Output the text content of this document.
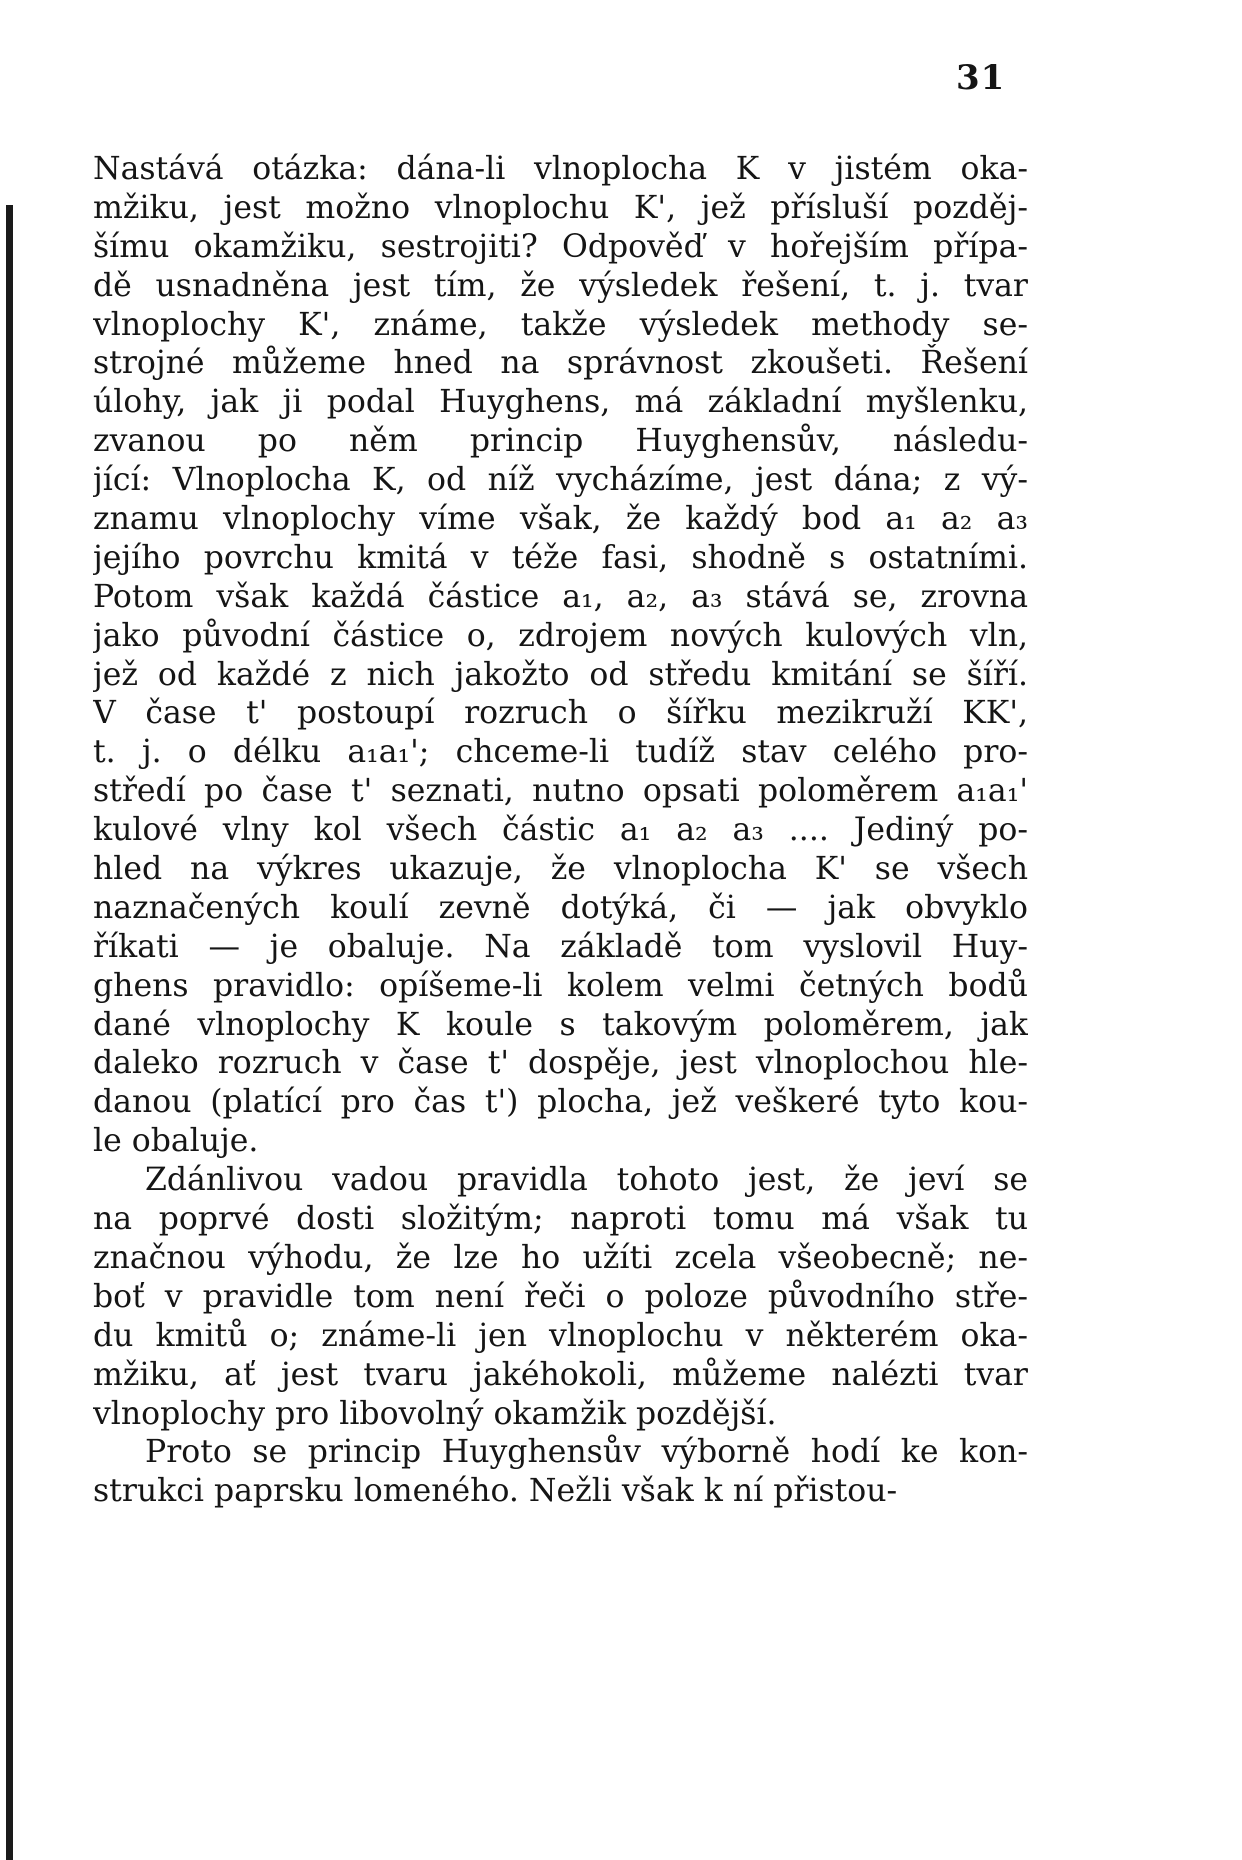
31

Nastává otázka: dána-li vlnoplocha K v jistém oka-
mžiku, jest možno vlnoplochu K', jež přísluší pozděj-
šímu okamžiku, sestrojiti? Odpověď v hořejším přípa-
dě usnadněna jest tím, že výsledek řešení, t. j. tvar
vlnoplochy K', známe, takže výsledek methody se-
strojné můžeme hned na správnost zkoušeti. Řešení
úlohy, jak ji podal Huyghens, má základní myšlenku,
zvanou po něm princip Huyghensův, následu-
jící: Vlnoplocha K, od níž vycházíme, jest dána; z vý-
znamu vlnoplochy víme však, že každý bod a₁ a₂ a₃
jejího povrchu kmitá v téže fasi, shodně s ostatními.
Potom však každá částice a₁, a₂, a₃ stává se, zrovna
jako původní částice o, zdrojem nových kulových vln,
jež od každé z nich jakožto od středu kmitání se šíří.
V čase t' postoupí rozruch o šířku mezikruží KK',
t. j. o délku a₁a₁'; chceme-li tudíž stav celého pro-
středí po čase t' seznati, nutno opsati poloměrem a₁a₁'
kulové vlny kol všech částic a₁ a₂ a₃ .... Jediný po-
hled na výkres ukazuje, že vlnoplocha K' se všech
naznačených koulí zevně dotýká, či — jak obvyklo
říkati — je obaluje. Na základě tom vyslovil Huy-
ghens pravidlo: opíšeme-li kolem velmi četných bodů
dané vlnoplochy K koule s takovým poloměrem, jak
daleko rozruch v čase t' dospěje, jest vlnoplochou hle-
danou (platící pro čas t') plocha, jež veškeré tyto kou-
le obaluje.

Zdánlivou vadou pravidla tohoto jest, že jeví se
na poprvé dosti složitým; naproti tomu má však tu
značnou výhodu, že lze ho užíti zcela všeobecně; ne-
boť v pravidle tom není řeči o poloze původního stře-
du kmitů o; známe-li jen vlnoplochu v některém oka-
mžiku, ať jest tvaru jakéhokoli, můžeme nalézti tvar
vlnoplochy pro libovolný okamžik pozdější.

Proto se princip Huyghensův výborně hodí ke kon-
strukci paprsku lomeného. Nežli však k ní přistou-
